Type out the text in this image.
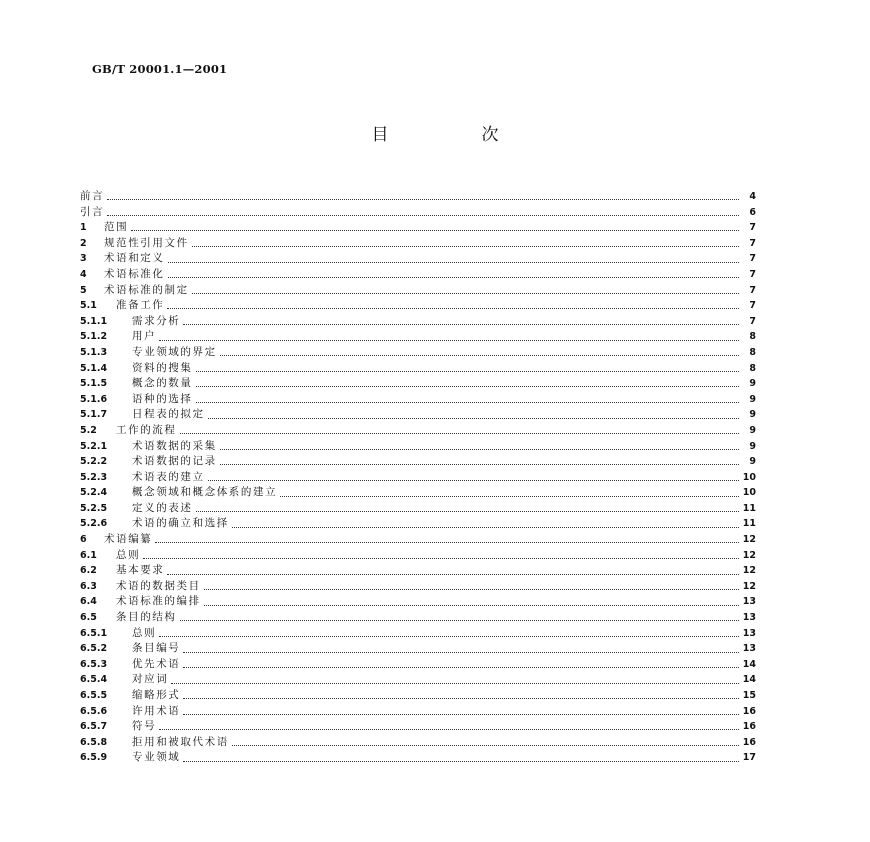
GB/T 20001.1—2001
目　次
前言	4
引言	6
1	范围	7
2	规范性引用文件	7
3	术语和定义	7
4	术语标准化	7
5	术语标准的制定	7
5.1	准备工作	7
5.1.1	需求分析	7
5.1.2	用户	8
5.1.3	专业领域的界定	8
5.1.4	资料的搜集	8
5.1.5	概念的数量	9
5.1.6	语种的选择	9
5.1.7	日程表的拟定	9
5.2	工作的流程	9
5.2.1	术语数据的采集	9
5.2.2	术语数据的记录	9
5.2.3	术语表的建立	10
5.2.4	概念领域和概念体系的建立	10
5.2.5	定义的表述	11
5.2.6	术语的确立和选择	11
6	术语编纂	12
6.1	总则	12
6.2	基本要求	12
6.3	术语的数据类目	12
6.4	术语标准的编排	13
6.5	条目的结构	13
6.5.1	总则	13
6.5.2	条目编号	13
6.5.3	优先术语	14
6.5.4	对应词	14
6.5.5	缩略形式	15
6.5.6	许用术语	16
6.5.7	符号	16
6.5.8	拒用和被取代术语	16
6.5.9	专业领域	17
